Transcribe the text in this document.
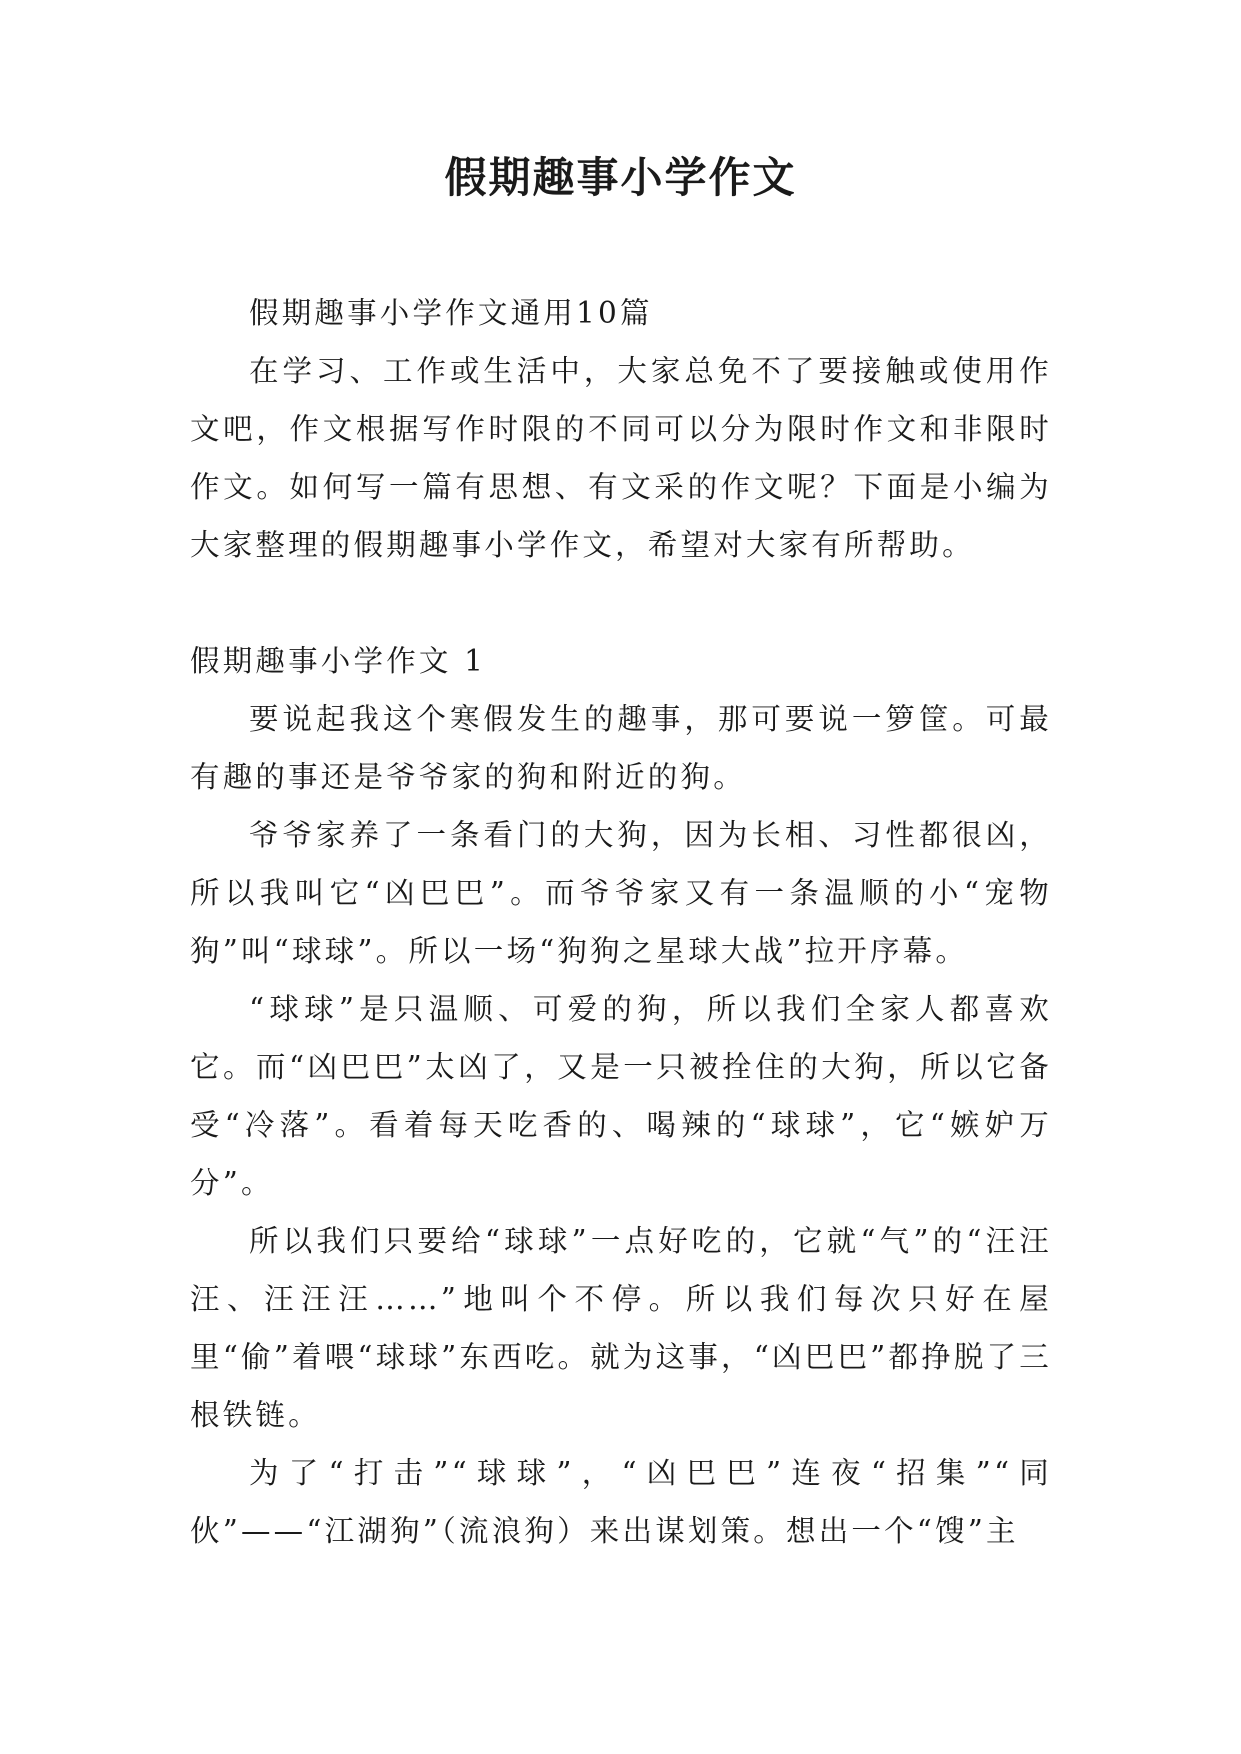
假期趣事小学作文

假期趣事小学作文通用10篇

在学习、工作或生活中，大家总免不了要接触或使用作文吧，作文根据写作时限的不同可以分为限时作文和非限时作文。如何写一篇有思想、有文采的作文呢？下面是小编为大家整理的假期趣事小学作文，希望对大家有所帮助。

假期趣事小学作文 1

要说起我这个寒假发生的趣事，那可要说一箩筐。可最有趣的事还是爷爷家的狗和附近的狗。

爷爷家养了一条看门的大狗，因为长相、习性都很凶，所以我叫它“凶巴巴”。而爷爷家又有一条温顺的小“宠物狗”叫“球球”。所以一场“狗狗之星球大战”拉开序幕。

“球球”是只温顺、可爱的狗，所以我们全家人都喜欢它。而“凶巴巴”太凶了，又是一只被拴住的大狗，所以它备受“冷落”。看着每天吃香的、喝辣的“球球”，它“嫉妒万分”。

所以我们只要给“球球”一点好吃的，它就“气”的“汪汪汪、汪汪汪……”地叫个不停。所以我们每次只好在屋里“偷”着喂“球球”东西吃。就为这事，“凶巴巴”都挣脱了三根铁链。

为了“打击”“球球”，“凶巴巴”连夜“招集”“同伙”——“江湖狗”（流浪狗）来出谋划策。想出一个“馊”主
